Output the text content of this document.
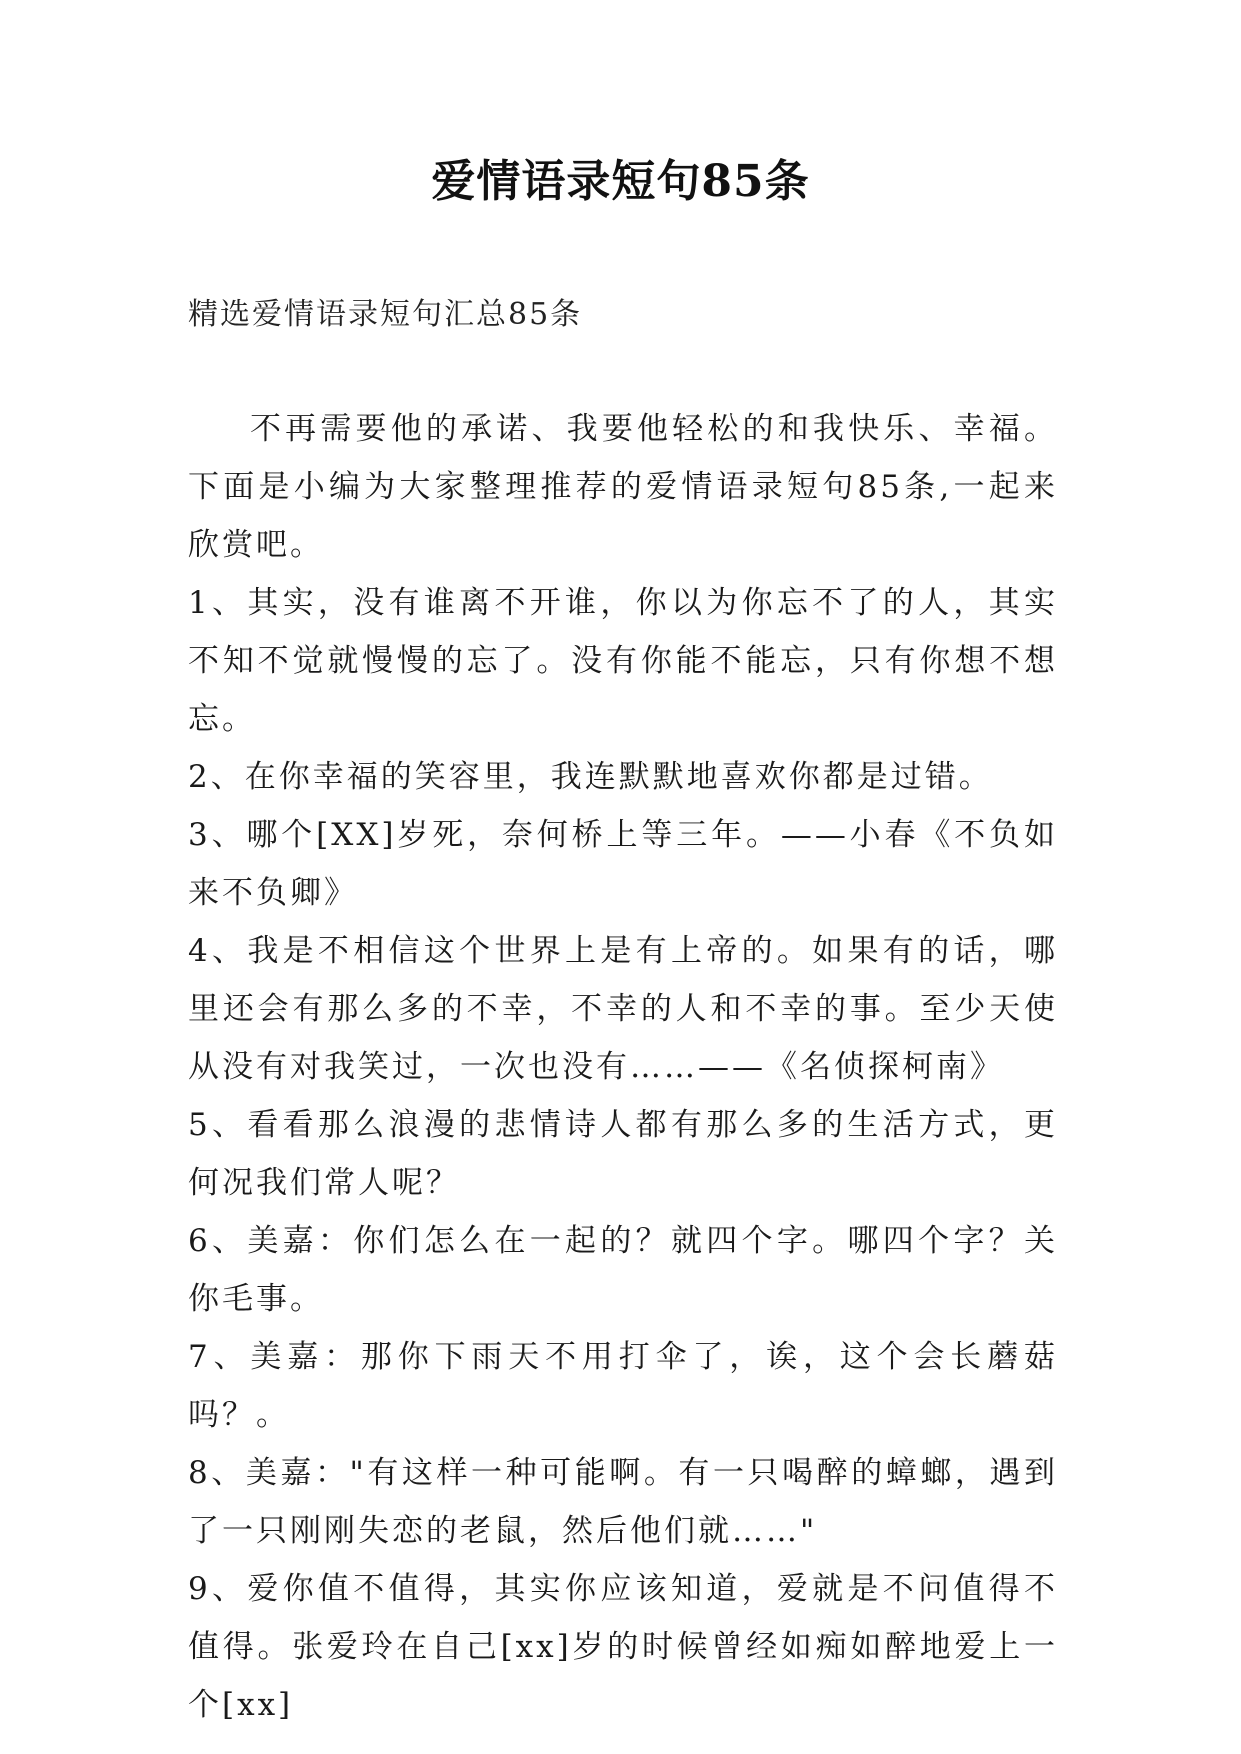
爱情语录短句85条
精选爱情语录短句汇总85条

不再需要他的承诺、我要他轻松的和我快乐、幸福。下面是小编为大家整理推荐的爱情语录短句85条,一起来欣赏吧。

1、其实，没有谁离不开谁，你以为你忘不了的人，其实不知不觉就慢慢的忘了。没有你能不能忘，只有你想不想忘。

2、在你幸福的笑容里，我连默默地喜欢你都是过错。

3、哪个[XX]岁死，奈何桥上等三年。——小春《不负如来不负卿》

4、我是不相信这个世界上是有上帝的。如果有的话，哪里还会有那么多的不幸，不幸的人和不幸的事。至少天使从没有对我笑过，一次也没有……——《名侦探柯南》

5、看看那么浪漫的悲情诗人都有那么多的生活方式，更何况我们常人呢？

6、美嘉：你们怎么在一起的？就四个字。哪四个字？关你毛事。

7、美嘉：那你下雨天不用打伞了，诶，这个会长蘑菇吗？。

8、美嘉："有这样一种可能啊。有一只喝醉的蟑螂，遇到了一只刚刚失恋的老鼠，然后他们就……"

9、爱你值不值得，其实你应该知道，爱就是不问值得不值得。张爱玲在自己[xx]岁的时候曾经如痴如醉地爱上一个[xx]
